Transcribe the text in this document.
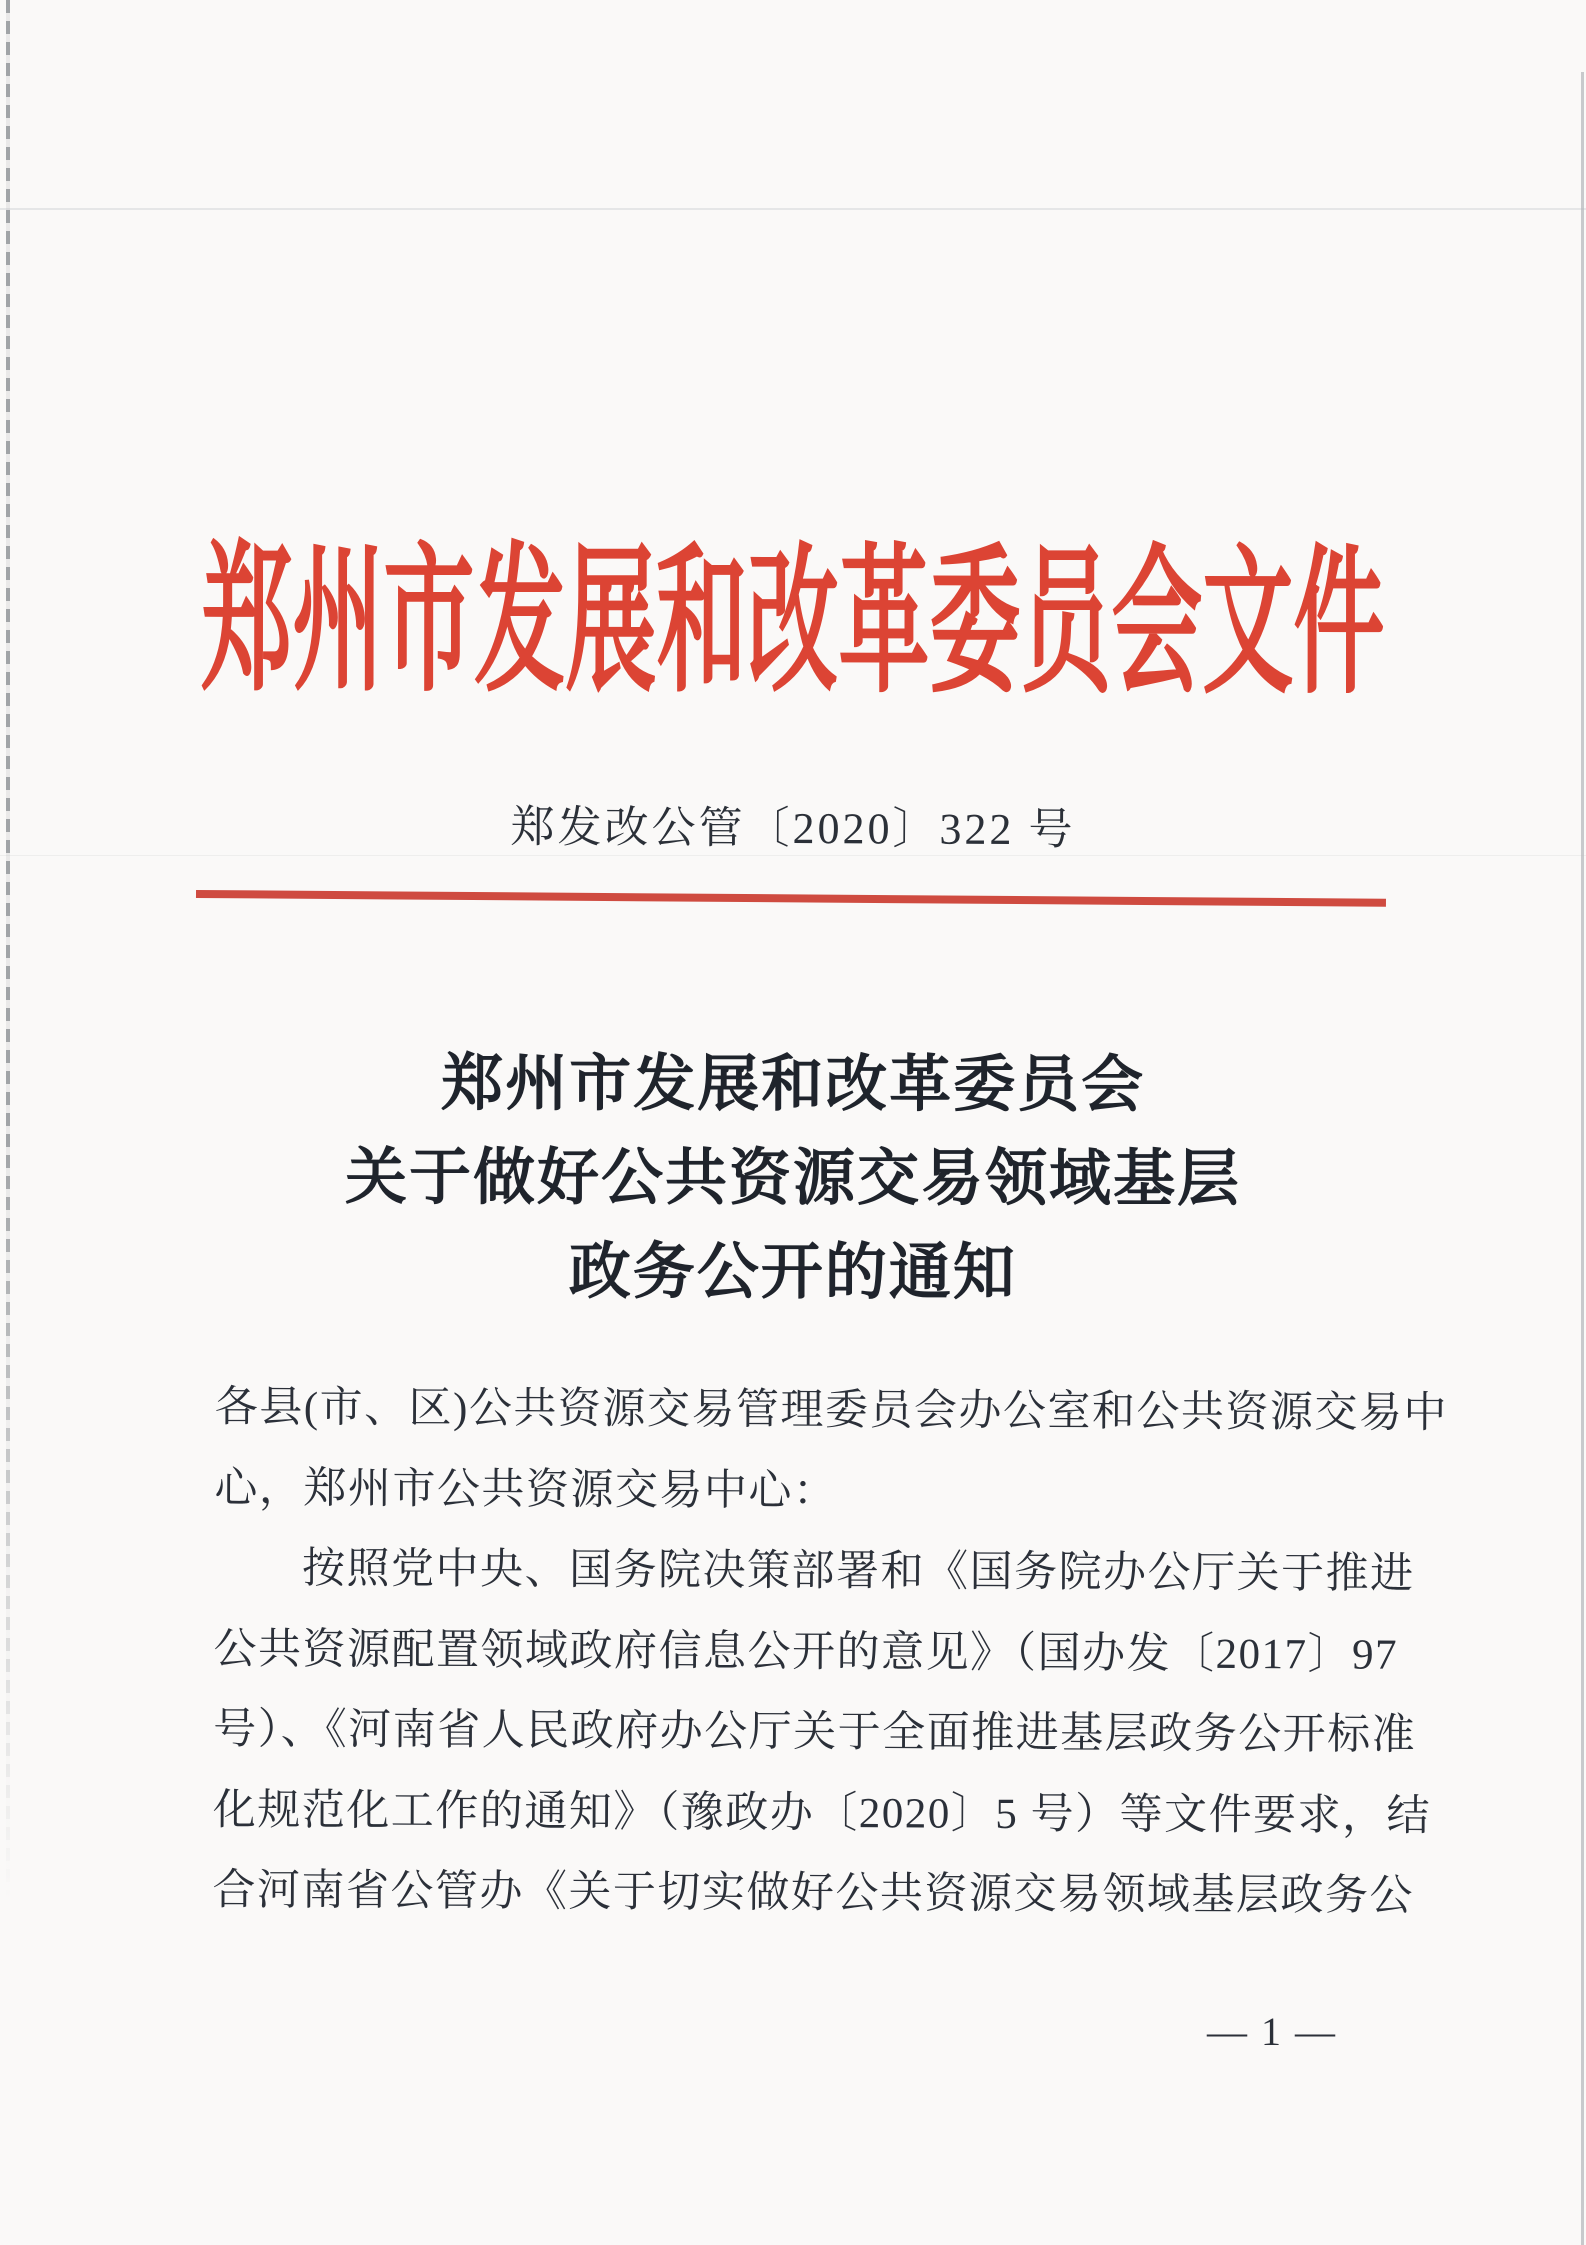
郑州市发展和改革委员会文件
郑发改公管〔2020〕322 号
郑州市发展和改革委员会
关于做好公共资源交易领域基层
政务公开的通知
各县(市、区)公共资源交易管理委员会办公室和公共资源交易中
心，郑州市公共资源交易中心：
按照党中央、国务院决策部署和《国务院办公厅关于推进
公共资源配置领域政府信息公开的意见》（国办发〔2017〕97
号）、《河南省人民政府办公厅关于全面推进基层政务公开标准
化规范化工作的通知》（豫政办〔2020〕5 号）等文件要求，结
合河南省公管办《关于切实做好公共资源交易领域基层政务公
— 1 —
